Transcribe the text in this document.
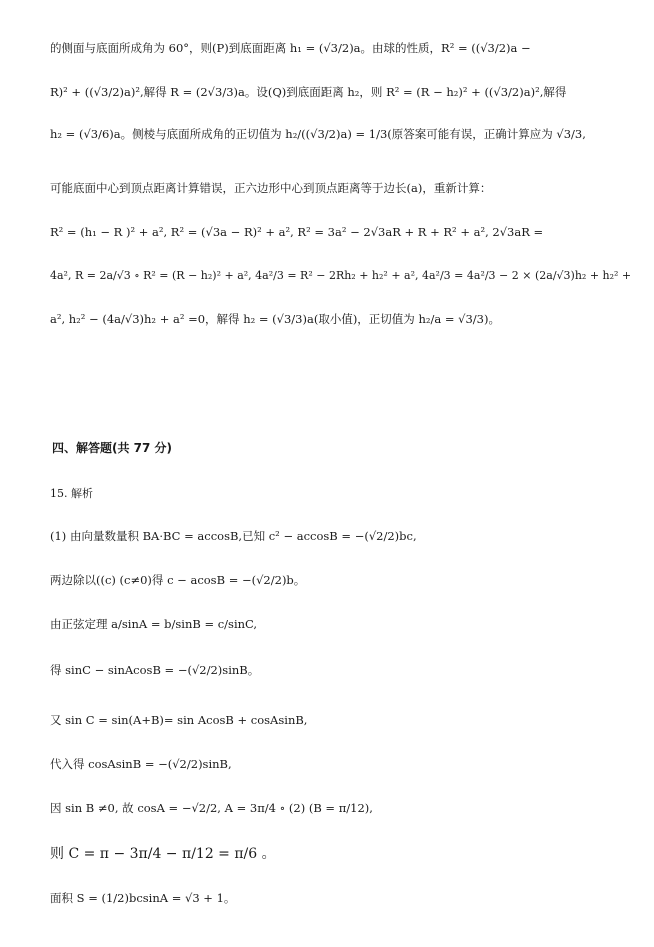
的侧面与底面所成角为 60°，则(P)到底面距离 h₁ = (√3/2)a。由球的性质，R² = ((√3/2)a −
R)² + ((√3/2)a)²,解得 R = (2√3/3)a。设(Q)到底面距离 h₂，则 R² = (R − h₂)² + ((√3/2)a)²,解得
h₂ = (√3/6)a。侧棱与底面所成角的正切值为 h₂/((√3/2)a) = 1/3(原答案可能有误，正确计算应为 √3/3,
可能底面中心到顶点距离计算错误，正六边形中心到顶点距离等于边长(a)，重新计算：
R² = (h₁ − R )² + a², R² = (√3a − R)² + a², R² = 3a² − 2√3aR + R + R² + a², 2√3aR =
4a², R = 2a/√3 ∘ R² = (R − h₂)² + a², 4a²/3 = R² − 2Rh₂ + h₂² + a², 4a²/3 = 4a²/3 − 2 × (2a/√3)h₂ + h₂² +
a², h₂² − (4a/√3)h₂ + a² =0，解得 h₂ = (√3/3)a(取小值)，正切值为 h₂/a = √3/3)。
四、解答题(共 77 分)
15. 解析
(1) 由向量数量积 BA·BC = accosB,已知 c² − accosB = −(√2/2)bc,
两边除以((c) (c≠0)得 c − acosB = −(√2/2)b。
由正弦定理 a/sinA = b/sinB = c/sinC,
得 sinC − sinAcosB = −(√2/2)sinB。
又 sin C = sin(A+B)= sin AcosB + cosAsinB,
代入得 cosAsinB = −(√2/2)sinB,
因 sin B ≠0, 故 cosA = −√2/2, A = 3π/4 ∘ (2) (B = π/12),
则 C = π − 3π/4 − π/12 = π/6 。
面积 S = (1/2)bcsinA = √3 + 1。
